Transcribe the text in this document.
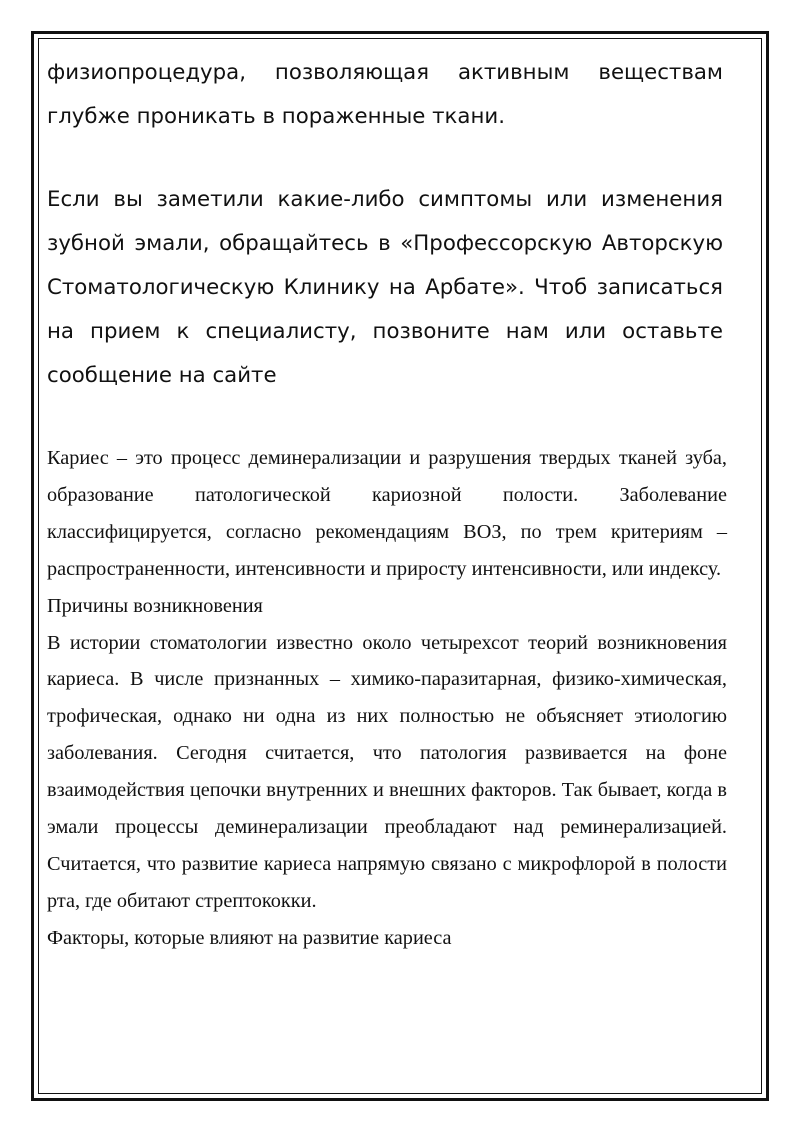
физиопроцедура, позволяющая активным веществам глубже проникать в пораженные ткани.

Если вы заметили какие-либо симптомы или изменения зубной эмали, обращайтесь в «Профессорскую Авторскую Стоматологическую Клинику на Арбате». Чтоб записаться на прием к специалисту, позвоните нам или оставьте сообщение на сайте

Кариес – это процесс деминерализации и разрушения твердых тканей зуба, образование патологической кариозной полости. Заболевание классифицируется, согласно рекомендациям ВОЗ, по трем критериям – распространенности, интенсивности и приросту интенсивности, или индексу.

Причины возникновения

В истории стоматологии известно около четырехсот теорий возникновения кариеса. В числе признанных – химико-паразитарная, физико-химическая, трофическая, однако ни одна из них полностью не объясняет этиологию заболевания. Сегодня считается, что патология развивается на фоне взаимодействия цепочки внутренних и внешних факторов. Так бывает, когда в эмали процессы деминерализации преобладают над реминерализацией. Считается, что развитие кариеса напрямую связано с микрофлорой в полости рта, где обитают стрептококки.

Факторы, которые влияют на развитие кариеса
